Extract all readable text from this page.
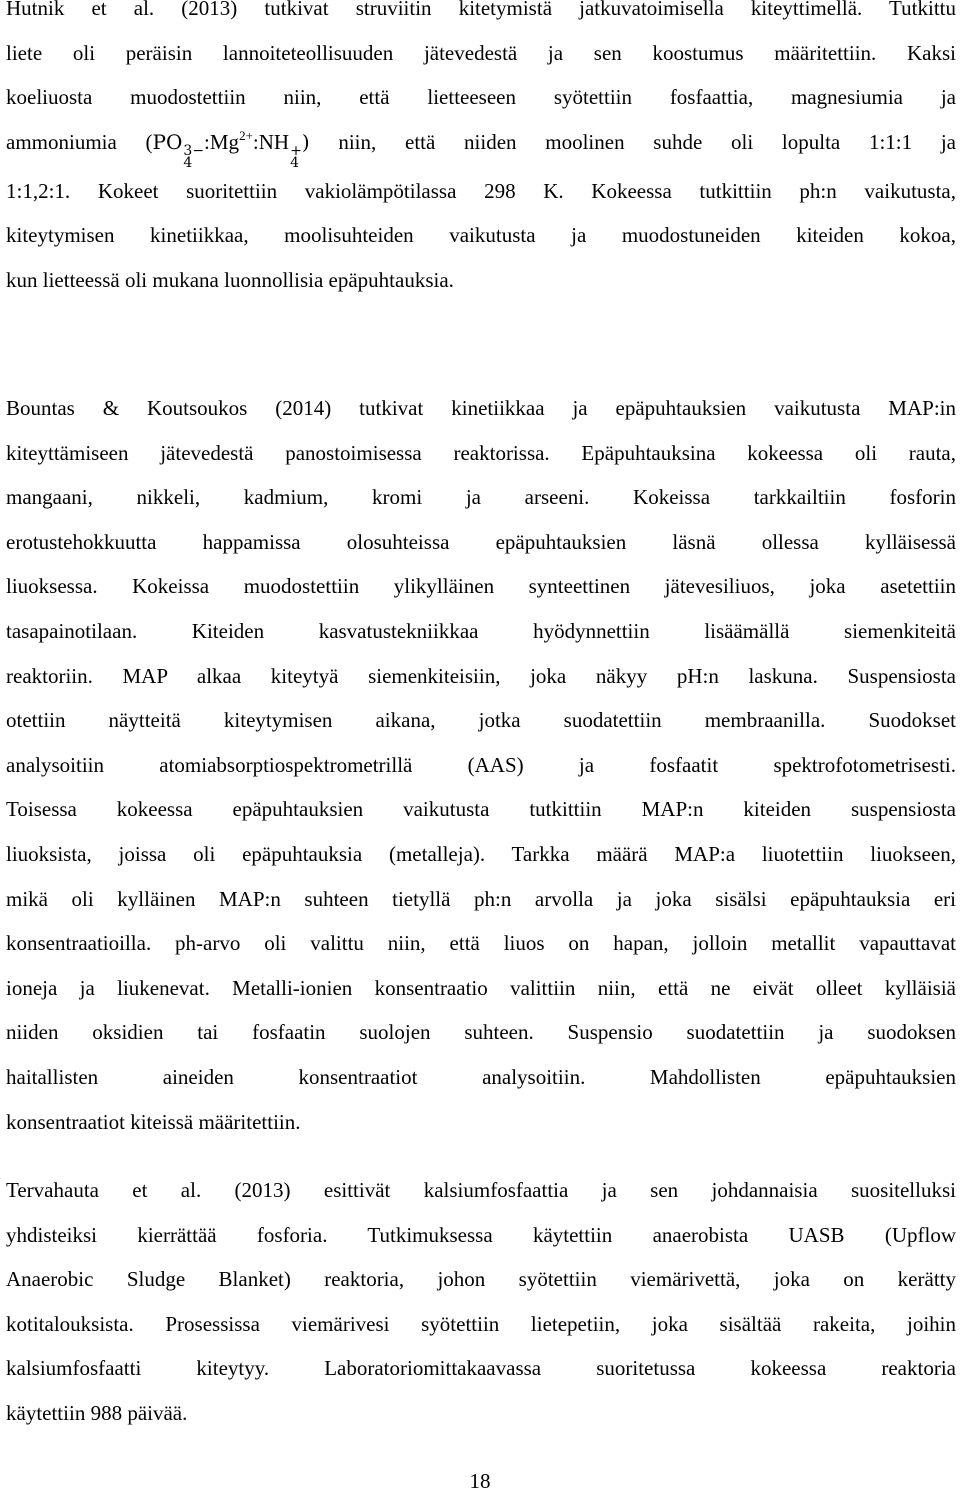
Hutnik et al. (2013) tutkivat struviitin kitetymistä jatkuvatoimisella kiteyttimellä. Tutkittu
liete oli peräisin lannoiteteollisuuden jätevedestä ja sen koostumus määritettiin. Kaksi
koeliuosta muodostettiin niin, että lietteeseen syötettiin fosfaattia, magnesiumia ja
ammoniumia (PO 3−
4
$:Mg^{2+}:NH$ +
4
) niin, että niiden moolinen suhde oli lopulta 1:1:1 ja
1:1,2:1. Kokeet suoritettiin vakiolämpötilassa 298 K. Kokeessa tutkittiin ph:n vaikutusta,
kiteytymisen kinetiikkaa, moolisuhteiden vaikutusta ja muodostuneiden kiteiden kokoa,
kun lietteessä oli mukana luonnollisia epäpuhtauksia.
Bountas & Koutsoukos (2014) tutkivat kinetiikkaa ja epäpuhtauksien vaikutusta MAP:in
kiteyttämiseen jätevedestä panostoimisessa reaktorissa. Epäpuhtauksina kokeessa oli rauta,
mangaani, nikkeli, kadmium, kromi ja arseeni. Kokeissa tarkkailtiin fosforin
erotustehokkuutta happamissa olosuhteissa epäpuhtauksien läsnä ollessa kylläisessä
liuoksessa. Kokeissa muodostettiin ylikylläinen synteettinen jätevesiliuos, joka asetettiin
tasapainotilaan. Kiteiden kasvatustekniikkaa hyödynnettiin lisäämällä siemenkiteitä
reaktoriin. MAP alkaa kiteytyä siemenkiteisiin, joka näkyy pH:n laskuna. Suspensiosta
otettiin näytteitä kiteytymisen aikana, jotka suodatettiin membraanilla. Suodokset
analysoitiin atomiabsorptiospektrometrillä (AAS) ja fosfaatit spektrofotometrisesti.
Toisessa kokeessa epäpuhtauksien vaikutusta tutkittiin MAP:n kiteiden suspensiosta
liuoksista, joissa oli epäpuhtauksia (metalleja). Tarkka määrä MAP:a liuotettiin liuokseen,
mikä oli kylläinen MAP:n suhteen tietyllä ph:n arvolla ja joka sisälsi epäpuhtauksia eri
konsentraatioilla. ph-arvo oli valittu niin, että liuos on hapan, jolloin metallit vapauttavat
ioneja ja liukenevat. Metalli-ionien konsentraatio valittiin niin, että ne eivät olleet kylläisiä
niiden oksidien tai fosfaatin suolojen suhteen. Suspensio suodatettiin ja suodoksen
haitallisten aineiden konsentraatiot analysoitiin. Mahdollisten epäpuhtauksien
konsentraatiot kiteissä määritettiin.
Tervahauta et al. (2013) esittivät kalsiumfosfaattia ja sen johdannaisia suositelluksi
yhdisteiksi kierrättää fosforia. Tutkimuksessa käytettiin anaerobista UASB (Upflow
Anaerobic Sludge Blanket) reaktoria, johon syötettiin viemärivettä, joka on kerätty
kotitalouksista. Prosessissa viemärivesi syötettiin lietepetiin, joka sisältää rakeita, joihin
kalsiumfosfaatti kiteytyy. Laboratoriomittakaavassa suoritetussa kokeessa reaktoria
käytettiin 988 päivää.
18
